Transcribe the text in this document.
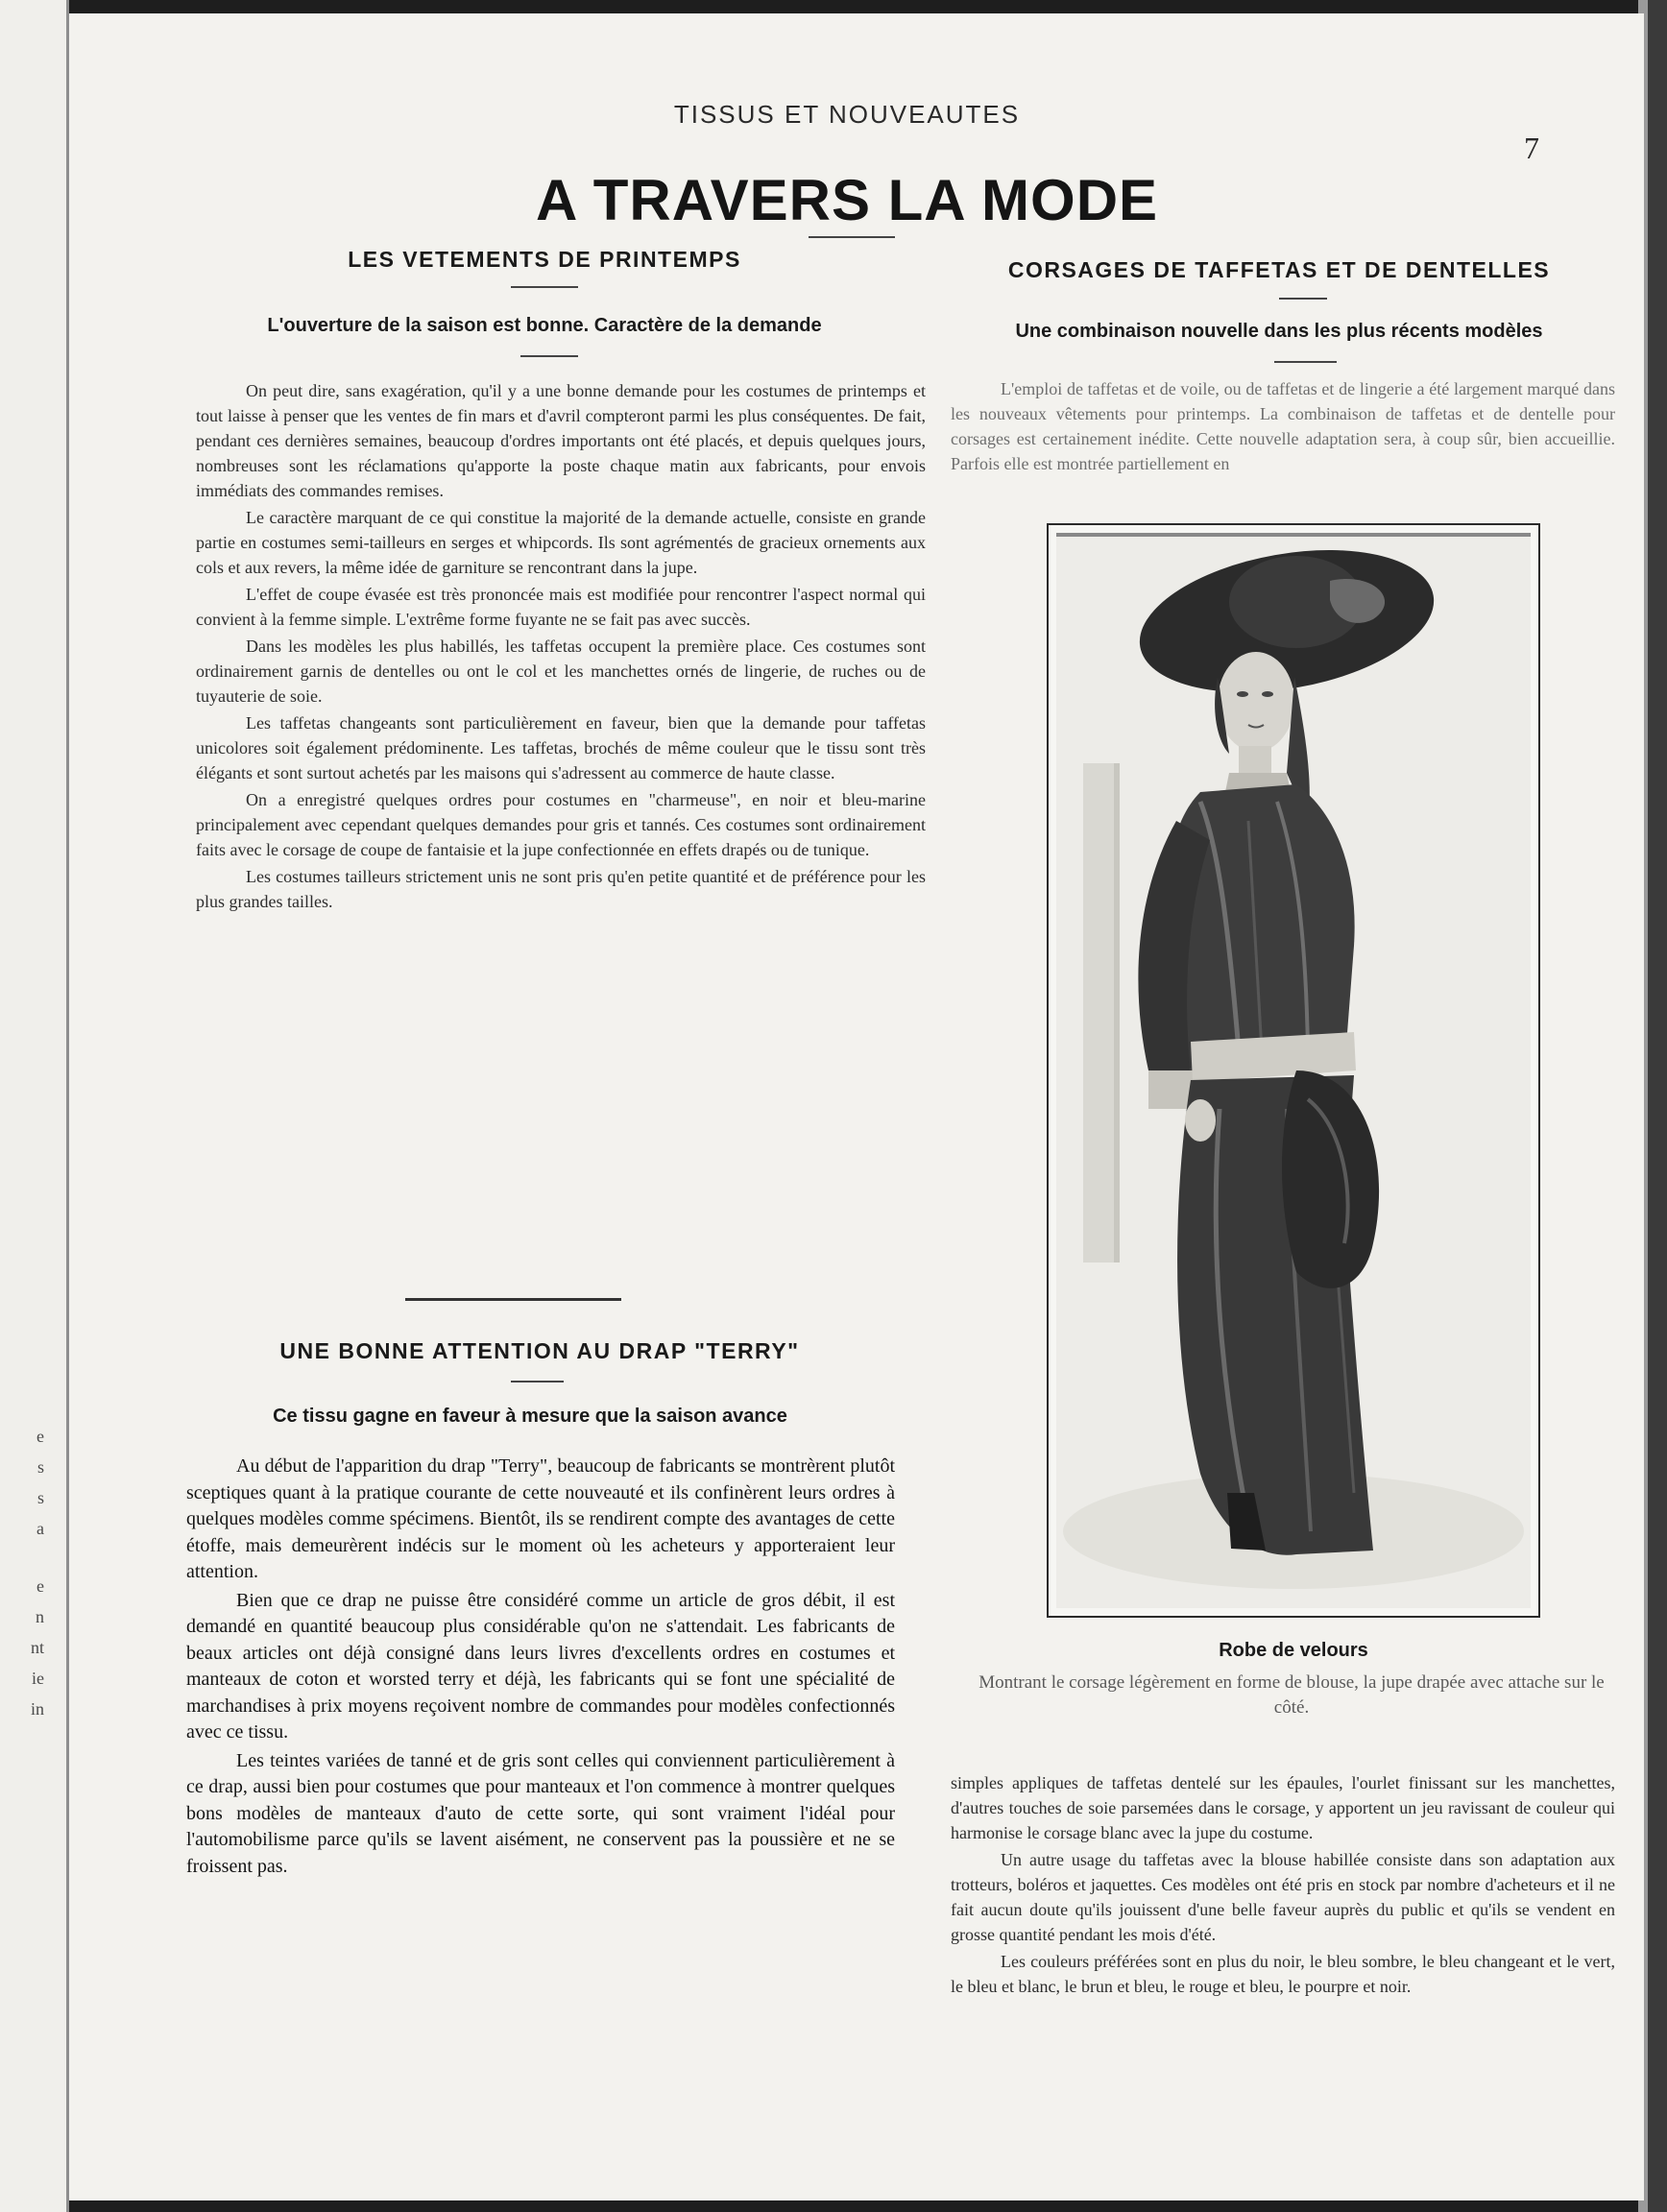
e
s
s
a
e
n
nt
ie
in
TISSUS ET NOUVEAUTES
7
A TRAVERS LA MODE
LES VETEMENTS DE PRINTEMPS
L'ouverture de la saison est bonne. Caractère de la demande

On peut dire, sans exagération, qu'il y a une bonne demande pour les costumes de printemps et tout laisse à penser que les ventes de fin mars et d'avril compteront parmi les plus conséquentes. De fait, pendant ces dernières semaines, beaucoup d'ordres importants ont été placés, et depuis quelques jours, nombreuses sont les réclamations qu'apporte la poste chaque matin aux fabricants, pour envois immédiats des commandes remises.

Le caractère marquant de ce qui constitue la majorité de la demande actuelle, consiste en grande partie en costumes semi-tailleurs en serges et whipcords. Ils sont agrémentés de gracieux ornements aux cols et aux revers, la même idée de garniture se rencontrant dans la jupe.

L'effet de coupe évasée est très prononcée mais est modifiée pour rencontrer l'aspect normal qui convient à la femme simple. L'extrême forme fuyante ne se fait pas avec succès.

Dans les modèles les plus habillés, les taffetas occupent la première place. Ces costumes sont ordinairement garnis de dentelles ou ont le col et les manchettes ornés de lingerie, de ruches ou de tuyauterie de soie.

Les taffetas changeants sont particulièrement en faveur, bien que la demande pour taffetas unicolores soit également prédominente. Les taffetas, brochés de même couleur que le tissu sont très élégants et sont surtout achetés par les maisons qui s'adressent au commerce de haute classe.

On a enregistré quelques ordres pour costumes en "charmeuse", en noir et bleu-marine principalement avec cependant quelques demandes pour gris et tannés. Ces costumes sont ordinairement faits avec le corsage de coupe de fantaisie et la jupe confectionnée en effets drapés ou de tunique.

Les costumes tailleurs strictement unis ne sont pris qu'en petite quantité et de préférence pour les plus grandes tailles.

UNE BONNE ATTENTION AU DRAP "TERRY"
Ce tissu gagne en faveur à mesure que la saison avance

Au début de l'apparition du drap "Terry", beaucoup de fabricants se montrèrent plutôt sceptiques quant à la pratique courante de cette nouveauté et ils confinèrent leurs ordres à quelques modèles comme spécimens. Bientôt, ils se rendirent compte des avantages de cette étoffe, mais demeurèrent indécis sur le moment où les acheteurs y apporteraient leur attention.

Bien que ce drap ne puisse être considéré comme un article de gros débit, il est demandé en quantité beaucoup plus considérable qu'on ne s'attendait. Les fabricants de beaux articles ont déjà consigné dans leurs livres d'excellents ordres en costumes et manteaux de coton et worsted terry et déjà, les fabricants qui se font une spécialité de marchandises à prix moyens reçoivent nombre de commandes pour modèles confectionnés avec ce tissu.

Les teintes variées de tanné et de gris sont celles qui conviennent particulièrement à ce drap, aussi bien pour costumes que pour manteaux et l'on commence à montrer quelques bons modèles de manteaux d'auto de cette sorte, qui sont vraiment l'idéal pour l'automobilisme parce qu'ils se lavent aisément, ne conservent pas la poussière et ne se froissent pas.

CORSAGES DE TAFFETAS ET DE DENTELLES
Une combinaison nouvelle dans les plus récents modèles

L'emploi de taffetas et de voile, ou de taffetas et de lingerie a été largement marqué dans les nouveaux vêtements pour printemps. La combinaison de taffetas et de dentelle pour corsages est certainement inédite. Cette nouvelle adaptation sera, à coup sûr, bien accueillie. Parfois elle est montrée partiellement en

Robe de velours
Montrant le corsage légèrement en forme de blouse, la jupe drapée avec attache sur le côté.

simples appliques de taffetas dentelé sur les épaules, l'ourlet finissant sur les manchettes, d'autres touches de soie parsemées dans le corsage, y apportent un jeu ravissant de couleur qui harmonise le corsage blanc avec la jupe du costume.

Un autre usage du taffetas avec la blouse habillée consiste dans son adaptation aux trotteurs, boléros et jaquettes. Ces modèles ont été pris en stock par nombre d'acheteurs et il ne fait aucun doute qu'ils jouissent d'une belle faveur auprès du public et qu'ils se vendent en grosse quantité pendant les mois d'été.

Les couleurs préférées sont en plus du noir, le bleu sombre, le bleu changeant et le vert, le bleu et blanc, le brun et bleu, le rouge et bleu, le pourpre et noir.
